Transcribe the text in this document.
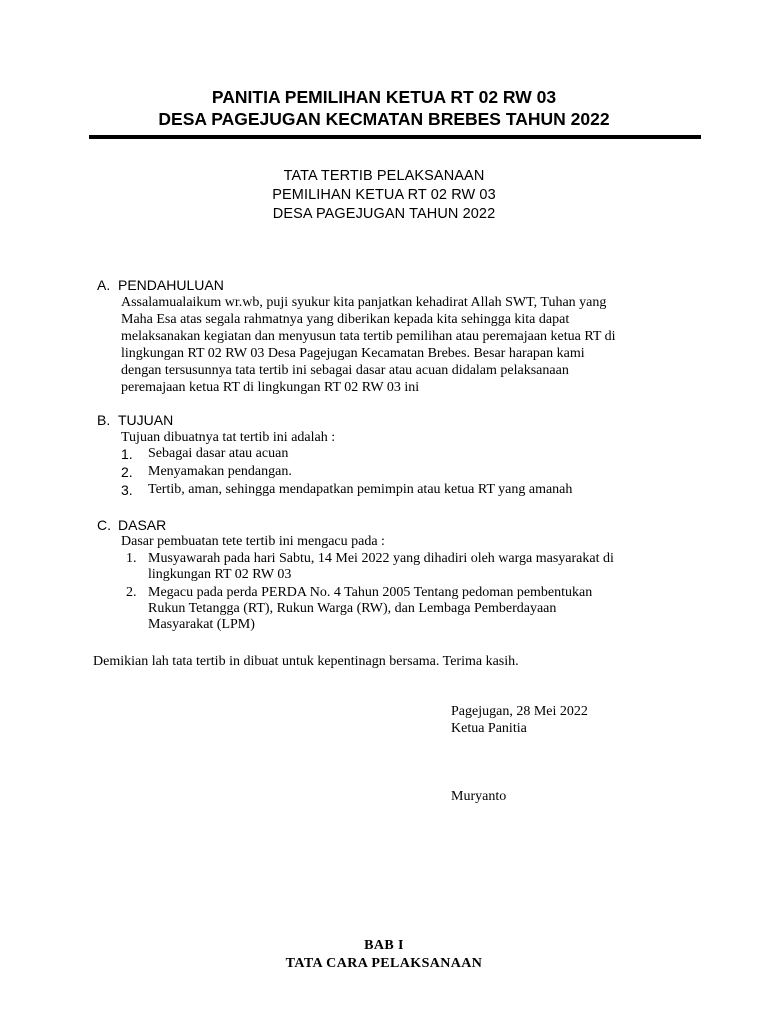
PANITIA PEMILIHAN KETUA RT 02 RW 03
DESA PAGEJUGAN KECMATAN BREBES TAHUN 2022
TATA TERTIB PELAKSANAAN
PEMILIHAN KETUA RT 02 RW 03
DESA PAGEJUGAN TAHUN 2022
A. PENDAHULUAN
Assalamualaikum wr.wb, puji syukur kita panjatkan kehadirat Allah SWT, Tuhan yang
Maha Esa atas segala rahmatnya yang diberikan kepada kita sehingga kita dapat
melaksanakan kegiatan dan menyusun tata tertib pemilihan atau peremajaan ketua RT di
lingkungan RT 02 RW 03 Desa Pagejugan Kecamatan Brebes. Besar harapan kami
dengan tersusunnya tata tertib ini sebagai dasar atau acuan didalam pelaksanaan
peremajaan ketua RT di lingkungan RT 02 RW 03 ini
B. TUJUAN
Tujuan dibuatnya tat tertib ini adalah :
1.	Sebagai dasar atau acuan
2.	Menyamakan pendangan.
3.	Tertib, aman, sehingga mendapatkan pemimpin atau ketua RT yang amanah
C. DASAR
Dasar pembuatan tete tertib ini mengacu pada :
1. Musyawarah pada hari Sabtu, 14 Mei 2022 yang dihadiri oleh warga masyarakat di
lingkungan RT 02 RW 03
2. Megacu pada perda PERDA No. 4 Tahun 2005 Tentang pedoman pembentukan
Rukun Tetangga (RT), Rukun Warga (RW), dan Lembaga Pemberdayaan
Masyarakat (LPM)
Demikian lah tata tertib in dibuat untuk kepentinagn bersama. Terima kasih.
Pagejugan, 28 Mei 2022
Ketua Panitia
Muryanto
BAB I
TATA CARA PELAKSANAAN
